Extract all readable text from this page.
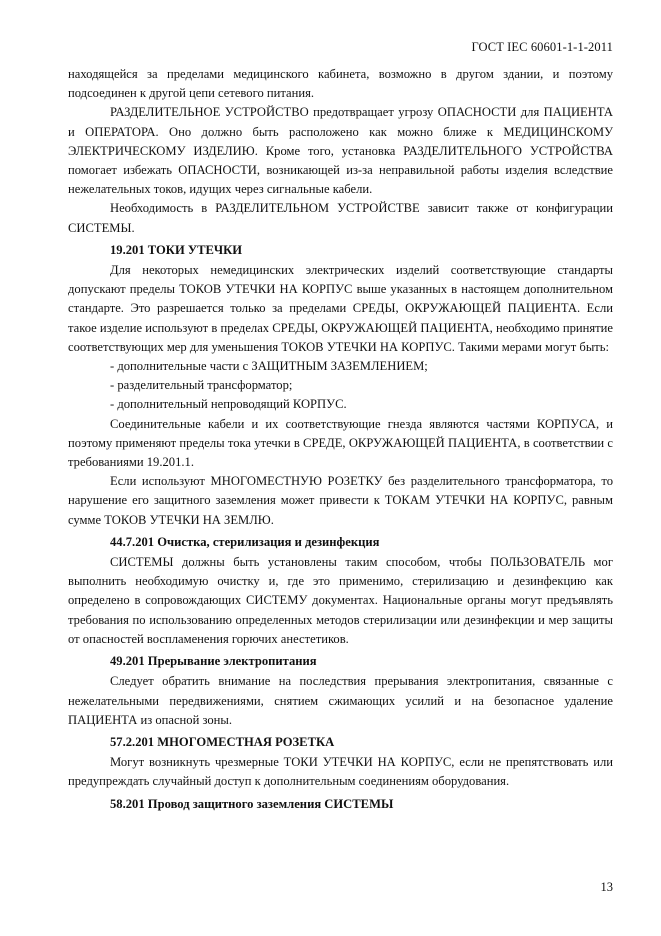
ГОСТ IEC 60601-1-1-2011

находящейся за пределами медицинского кабинета, возможно в другом здании, и поэтому подсоединен к другой цепи сетевого питания.

РАЗДЕЛИТЕЛЬНОЕ УСТРОЙСТВО предотвращает угрозу ОПАСНОСТИ для ПАЦИЕНТА и ОПЕРАТОРА. Оно должно быть расположено как можно ближе к МЕДИЦИНСКОМУ ЭЛЕКТРИЧЕСКОМУ ИЗДЕЛИЮ. Кроме того, установка РАЗДЕЛИТЕЛЬНОГО УСТРОЙСТВА помогает избежать ОПАСНОСТИ, возникающей из-за неправильной работы изделия вследствие нежелательных токов, идущих через сигнальные кабели.

Необходимость в РАЗДЕЛИТЕЛЬНОМ УСТРОЙСТВЕ зависит также от конфигурации СИСТЕМЫ.

19.201 ТОКИ УТЕЧКИ

Для некоторых немедицинских электрических изделий соответствующие стандарты допускают пределы ТОКОВ УТЕЧКИ НА КОРПУС выше указанных в настоящем дополнительном стандарте. Это разрешается только за пределами СРЕДЫ, ОКРУЖАЮЩЕЙ ПАЦИЕНТА. Если такое изделие используют в пределах СРЕДЫ, ОКРУЖАЮЩЕЙ ПАЦИЕНТА, необходимо принятие соответствующих мер для уменьшения ТОКОВ УТЕЧКИ НА КОРПУС. Такими мерами могут быть:

- дополнительные части с ЗАЩИТНЫМ ЗАЗЕМЛЕНИЕМ;

- разделительный трансформатор;

- дополнительный непроводящий КОРПУС.

Соединительные кабели и их соответствующие гнезда являются частями КОРПУСА, и поэтому применяют пределы тока утечки в СРЕДЕ, ОКРУЖАЮЩЕЙ ПАЦИЕНТА, в соответствии с требованиями 19.201.1.

Если используют МНОГОМЕСТНУЮ РОЗЕТКУ без разделительного трансформатора, то нарушение его защитного заземления может привести к ТОКАМ УТЕЧКИ НА КОРПУС, равным сумме ТОКОВ УТЕЧКИ НА ЗЕМЛЮ.

44.7.201 Очистка, стерилизация и дезинфекция

СИСТЕМЫ должны быть установлены таким способом, чтобы ПОЛЬЗОВАТЕЛЬ мог выполнить необходимую очистку и, где это применимо, стерилизацию и дезинфекцию как определено в сопровождающих СИСТЕМУ документах. Национальные органы могут предъявлять требования по использованию определенных методов стерилизации или дезинфекции и мер защиты от опасностей воспламенения горючих анестетиков.

49.201 Прерывание электропитания

Следует обратить внимание на последствия прерывания электропитания, связанные с нежелательными передвижениями, снятием сжимающих усилий и на безопасное удаление ПАЦИЕНТА из опасной зоны.

57.2.201 МНОГОМЕСТНАЯ РОЗЕТКА

Могут возникнуть чрезмерные ТОКИ УТЕЧКИ НА КОРПУС, если не препятствовать или предупреждать случайный доступ к дополнительным соединениям оборудования.

58.201 Провод защитного заземления СИСТЕМЫ

13
